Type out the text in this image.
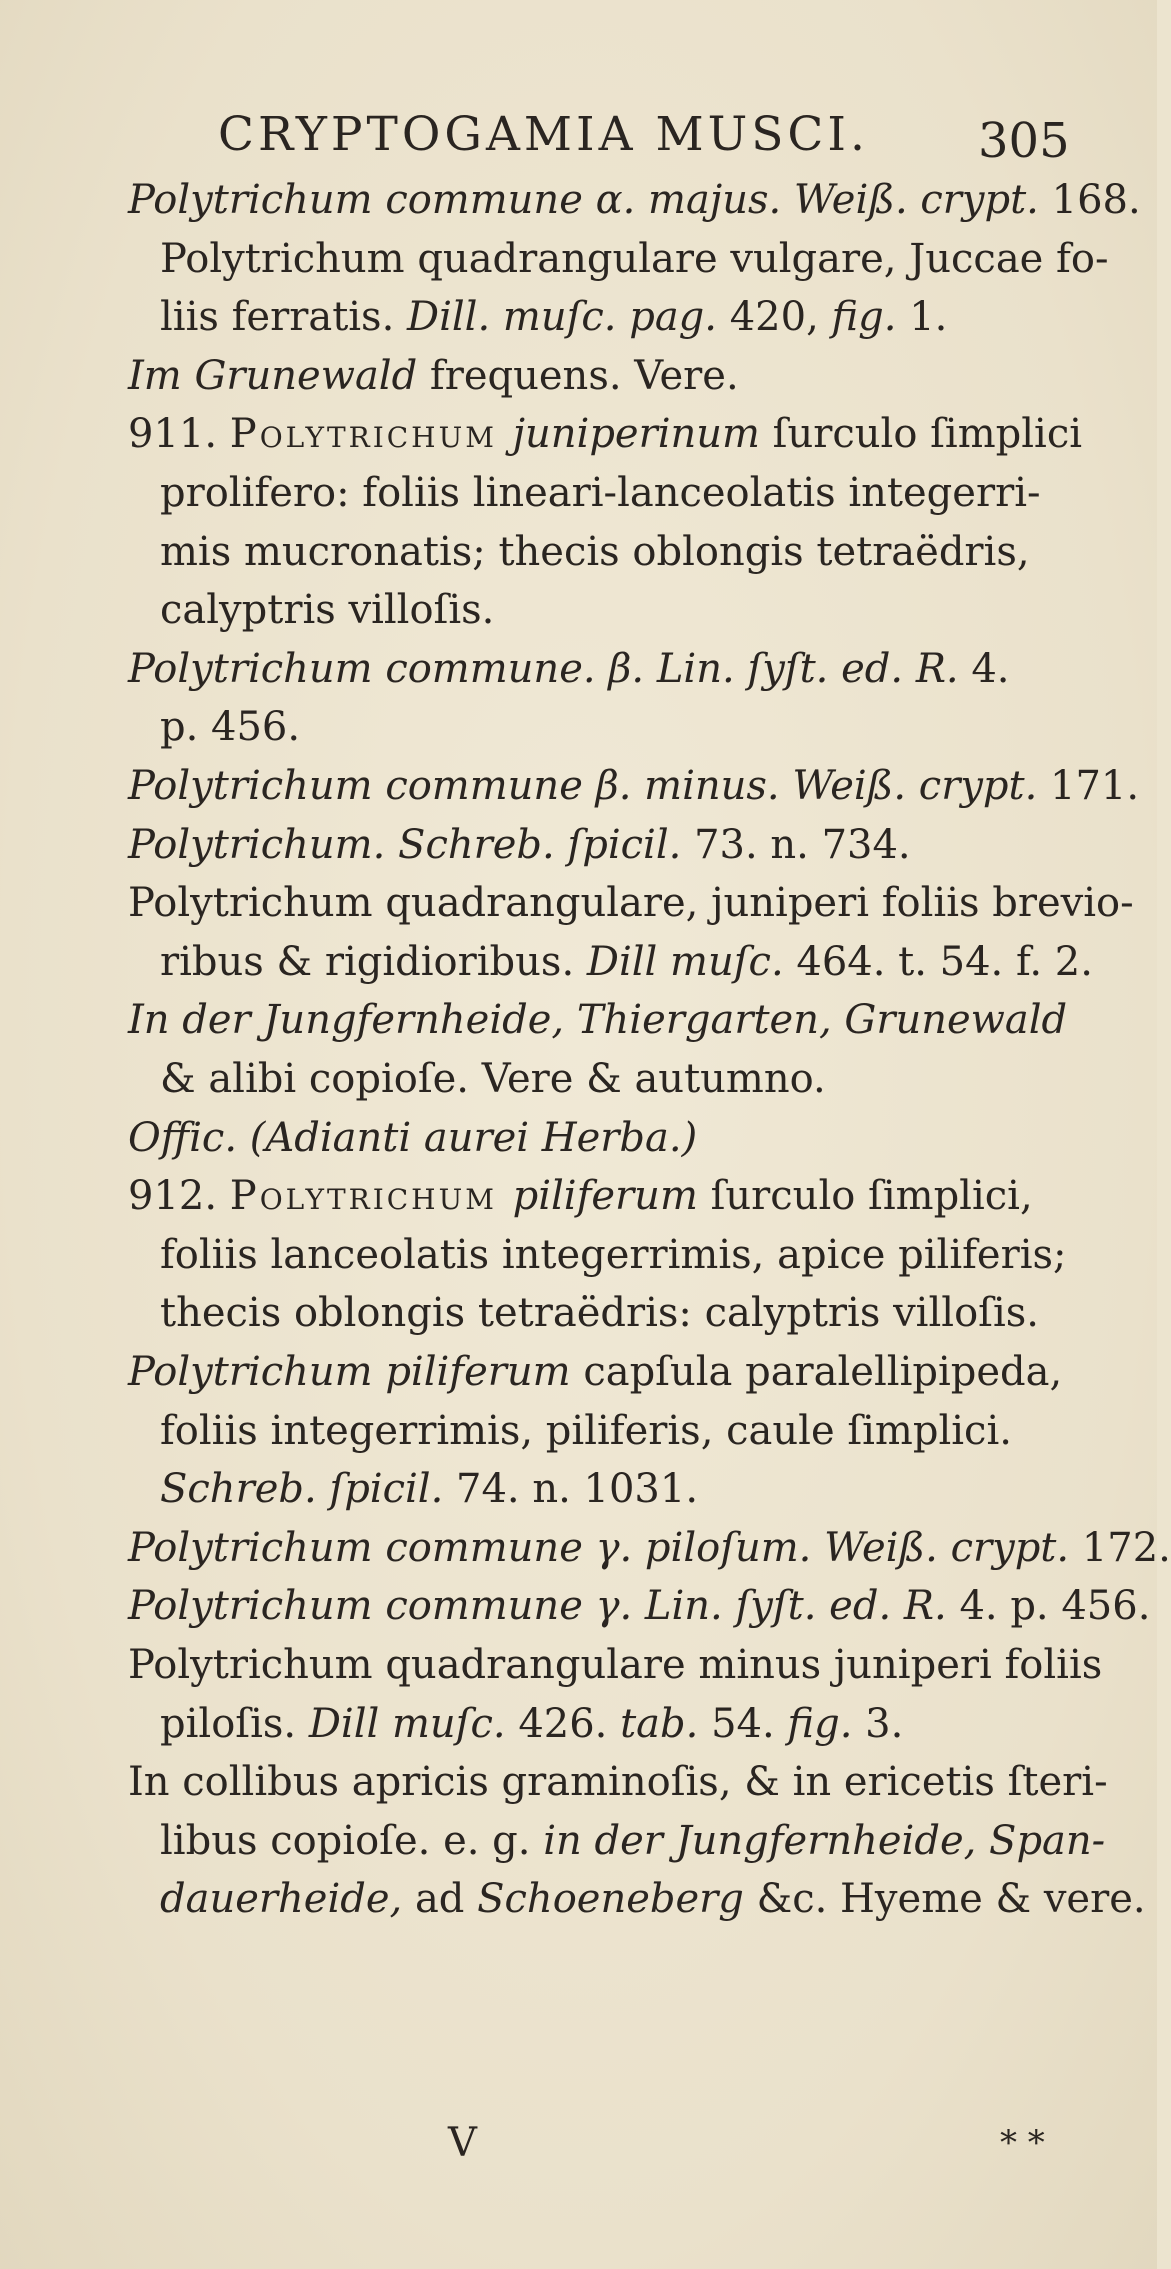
CRYPTOGAMIA MUSCI. 305
Polytrichum commune α. majus. Weiß. crypt. 168.
Polytrichum quadrangulare vulgare, Juccae fo-
liis ferratis. Dill. muſc. pag. 420, fig. 1.
Im Grunewald frequens. Vere.
911. Polytrichum juniperinum ſurculo ſimplici
prolifero: foliis lineari-lanceolatis integerri-
mis mucronatis; thecis oblongis tetraëdris,
calyptris villoſis.
Polytrichum commune. β. Lin. ſyſt. ed. R. 4.
p. 456.
Polytrichum commune β. minus. Weiß. crypt. 171.
Polytrichum. Schreb. ſpicil. 73. n. 734.
Polytrichum quadrangulare, juniperi foliis brevio-
ribus & rigidioribus. Dill muſc. 464. t. 54. f. 2.
In der Jungfernheide, Thiergarten, Grunewald
& alibi copioſe. Vere & autumno.
Offic. (Adianti aurei Herba.)
912. Polytrichum piliferum ſurculo ſimplici,
foliis lanceolatis integerrimis, apice piliferis;
thecis oblongis tetraëdris: calyptris villoſis.
Polytrichum piliferum capſula paralellipipeda,
foliis integerrimis, piliferis, caule ſimplici.
Schreb. ſpicil. 74. n. 1031.
Polytrichum commune γ. piloſum. Weiß. crypt. 172.
Polytrichum commune γ. Lin. ſyſt. ed. R. 4. p. 456.
Polytrichum quadrangulare minus juniperi foliis
piloſis. Dill muſc. 426. tab. 54. fig. 3.
In collibus apricis graminoſis, & in ericetis ſteri-
libus copioſe. e. g. in der Jungfernheide, Span-
dauerheide, ad Schoeneberg &c. Hyeme & vere.
V	* *
